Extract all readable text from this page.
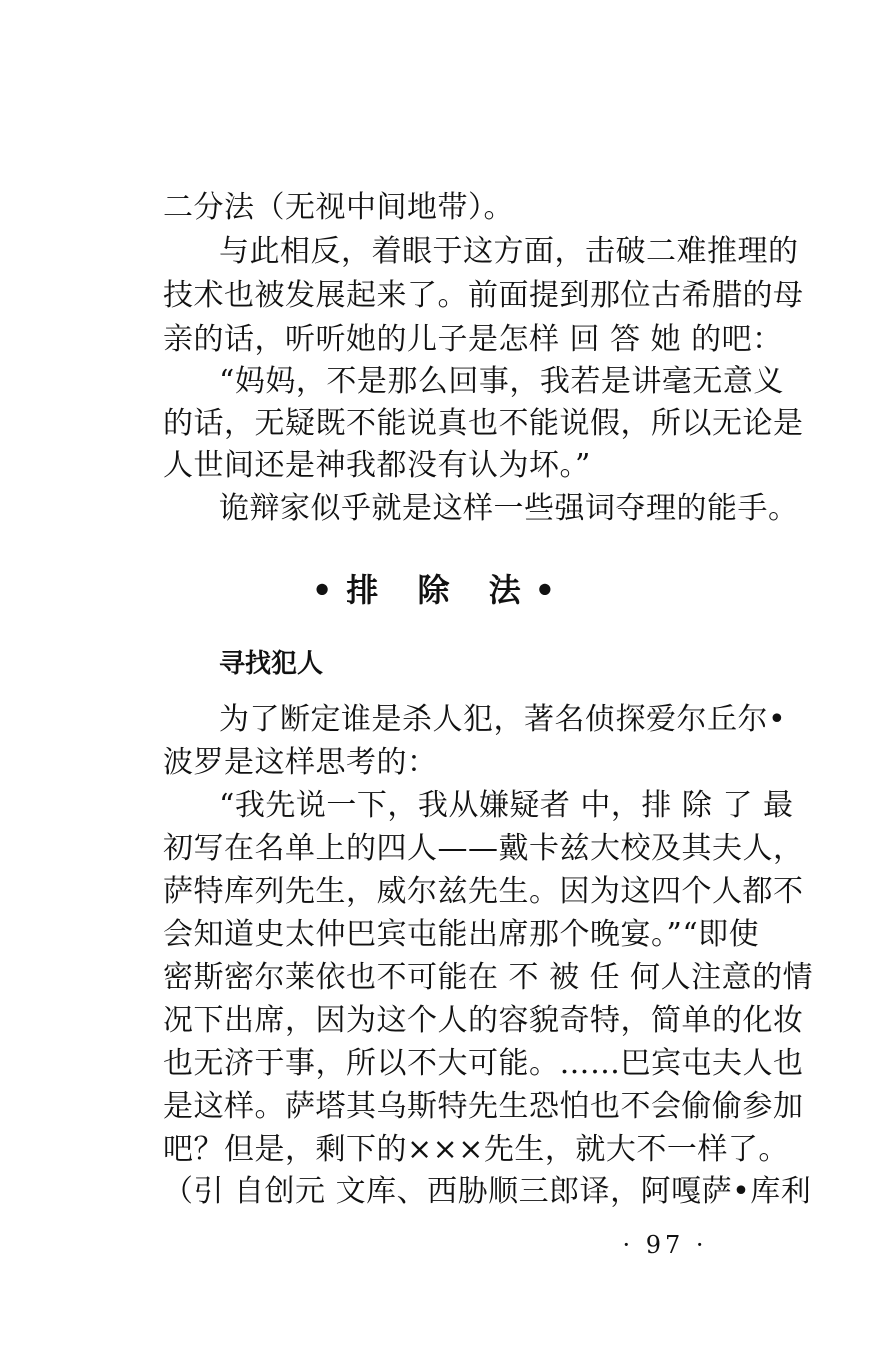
二分法（无视中间地带）。
与此相反，着眼于这方面，击破二难推理的
技术也被发展起来了。前面提到那位古希腊的母
亲的话，听听她的儿子是怎样 回 答 她 的吧：
“妈妈，不是那么回事，我若是讲毫无意义
的话，无疑既不能说真也不能说假，所以无论是
人世间还是神我都没有认为坏。”
诡辩家似乎就是这样一些强词夺理的能手。
•排 除 法•
寻找犯人
为了断定谁是杀人犯，著名侦探爱尔丘尔•
波罗是这样思考的：
“我先说一下，我从嫌疑者 中，排 除 了 最
初写在名单上的四人——戴卡兹大校及其夫人，
萨特库列先生，威尔兹先生。因为这四个人都不
会知道史太仲巴宾屯能出席那个晚宴。”“即使
密斯密尔莱依也不可能在 不 被 任 何人注意的情
况下出席，因为这个人的容貌奇特，简单的化妆
也无济于事，所以不大可能。……巴宾屯夫人也
是这样。萨塔其乌斯特先生恐怕也不会偷偷参加
吧？但是，剩下的×××先生，就大不一样了。
（引 自创元 文库、西胁顺三郎译，阿嘎萨•库利
· 97 ·
